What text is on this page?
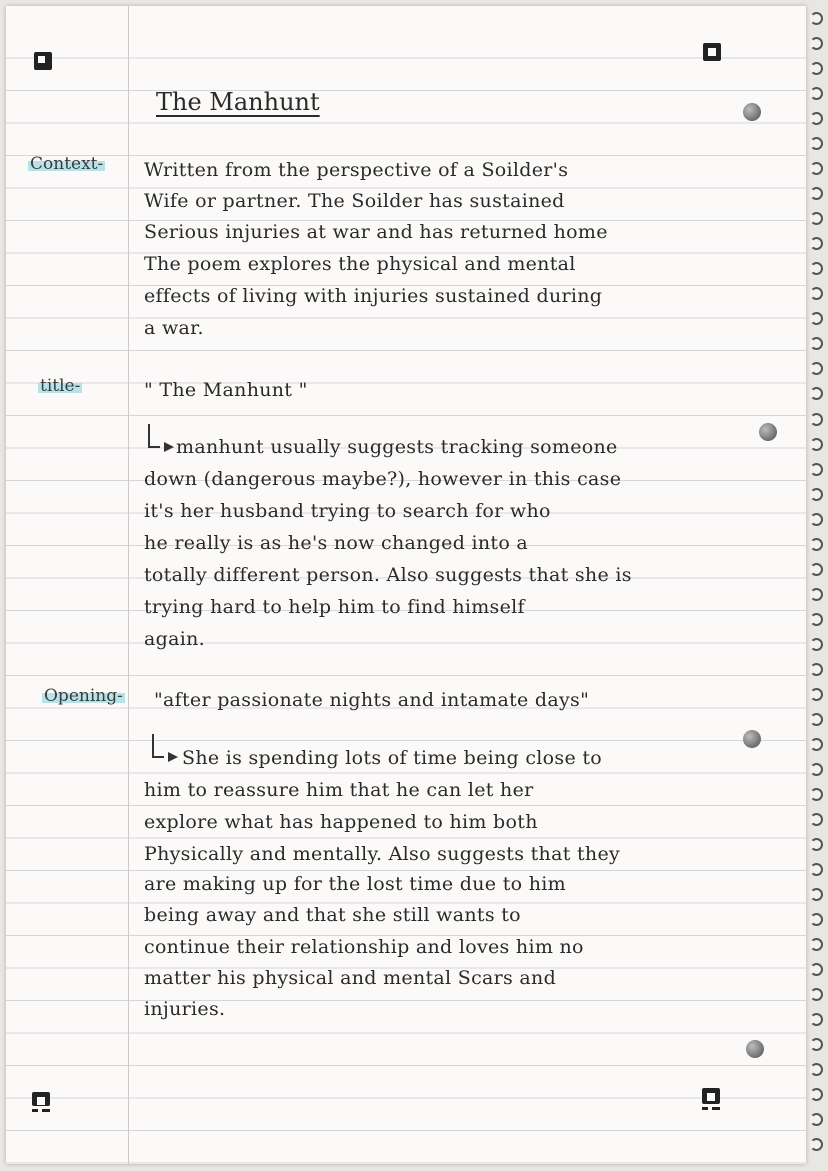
The Manhunt
Context- Written from the perspective of a Soilder's
Wife or partner. The Soilder has sustained
Serious injuries at war and has returned home
The poem explores the physical and mental
effects of living with injuries sustained during
a war.
title-	" The Manhunt "
manhunt usually suggests tracking someone
down (dangerous maybe?), however in this case
it's her husband trying to search for who
he really is as he's now changed into a
totally different person. Also suggests that she is
trying hard to help him to find himself
again.
Opening- "after passionate nights and intamate days"
She is spending lots of time being close to
him to reassure him that he can let her
explore what has happened to him both
Physically and mentally. Also suggests that they
are making up for the lost time due to him
being away and that she still wants to
continue their relationship and loves him no
matter his physical and mental Scars and
injuries.
